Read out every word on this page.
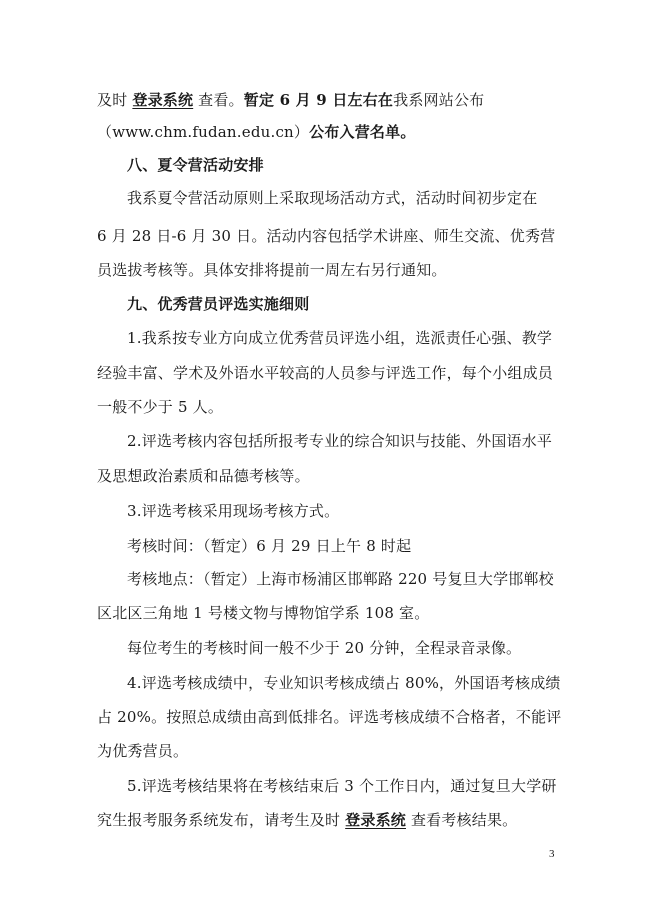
及时 登录系统 查看。暂定 6 月 9 日左右在我系网站公布
（www.chm.fudan.edu.cn）公布入营名单。
八、夏令营活动安排
我系夏令营活动原则上采取现场活动方式，活动时间初步定在
6 月 28 日-6 月 30 日。活动内容包括学术讲座、师生交流、优秀营
员选拔考核等。具体安排将提前一周左右另行通知。
九、优秀营员评选实施细则
1.我系按专业方向成立优秀营员评选小组，选派责任心强、教学
经验丰富、学术及外语水平较高的人员参与评选工作，每个小组成员
一般不少于 5 人。
2.评选考核内容包括所报考专业的综合知识与技能、外国语水平
及思想政治素质和品德考核等。
3.评选考核采用现场考核方式。
考核时间：（暂定）6 月 29 日上午 8 时起
考核地点：（暂定）上海市杨浦区邯郸路 220 号复旦大学邯郸校
区北区三角地 1 号楼文物与博物馆学系 108 室。
每位考生的考核时间一般不少于 20 分钟，全程录音录像。
4.评选考核成绩中，专业知识考核成绩占 80%，外国语考核成绩
占 20%。按照总成绩由高到低排名。评选考核成绩不合格者，不能评
为优秀营员。
5.评选考核结果将在考核结束后 3 个工作日内，通过复旦大学研
究生报考服务系统发布，请考生及时 登录系统 查看考核结果。
3
